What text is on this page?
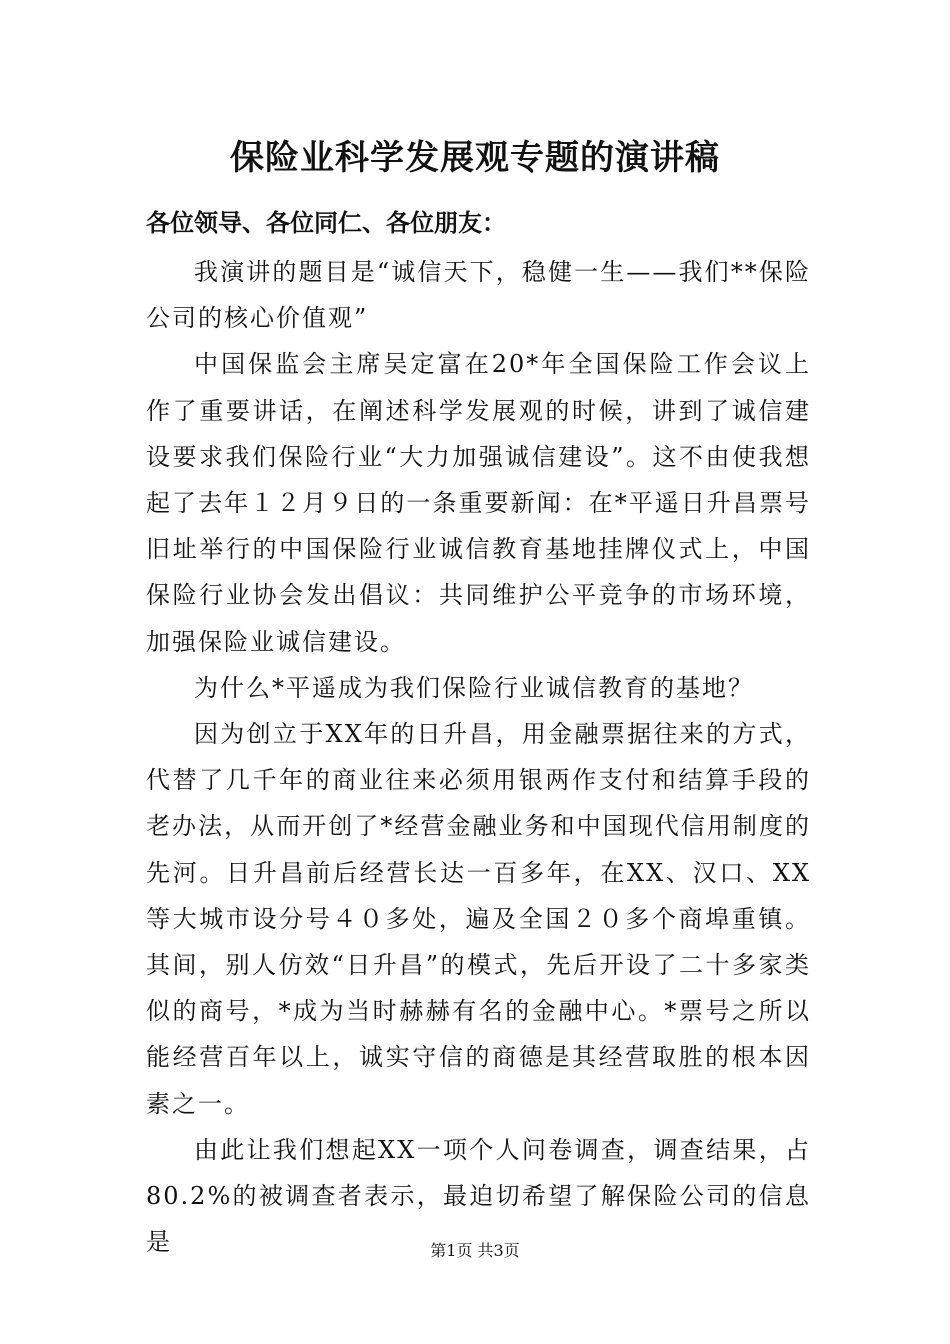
保险业科学发展观专题的演讲稿
各位领导、各位同仁、各位朋友：

我演讲的题目是“诚信天下，稳健一生——我们**保险公司的核心价值观”

中国保监会主席吴定富在20*年全国保险工作会议上作了重要讲话，在阐述科学发展观的时候，讲到了诚信建设要求我们保险行业“大力加强诚信建设”。这不由使我想起了去年１２月９日的一条重要新闻：在*平遥日升昌票号旧址举行的中国保险行业诚信教育基地挂牌仪式上，中国保险行业协会发出倡议：共同维护公平竞争的市场环境，加强保险业诚信建设。

为什么*平遥成为我们保险行业诚信教育的基地？

因为创立于XX年的日升昌，用金融票据往来的方式，代替了几千年的商业往来必须用银两作支付和结算手段的老办法，从而开创了*经营金融业务和中国现代信用制度的先河。日升昌前后经营长达一百多年，在XX、汉口、XX等大城市设分号４０多处，遍及全国２０多个商埠重镇。其间，别人仿效“日升昌”的模式，先后开设了二十多家类似的商号，*成为当时赫赫有名的金融中心。*票号之所以能经营百年以上，诚实守信的商德是其经营取胜的根本因素之一。

由此让我们想起XX一项个人问卷调查，调查结果，占80.2%的被调查者表示，最迫切希望了解保险公司的信息是	第1页 共3页
